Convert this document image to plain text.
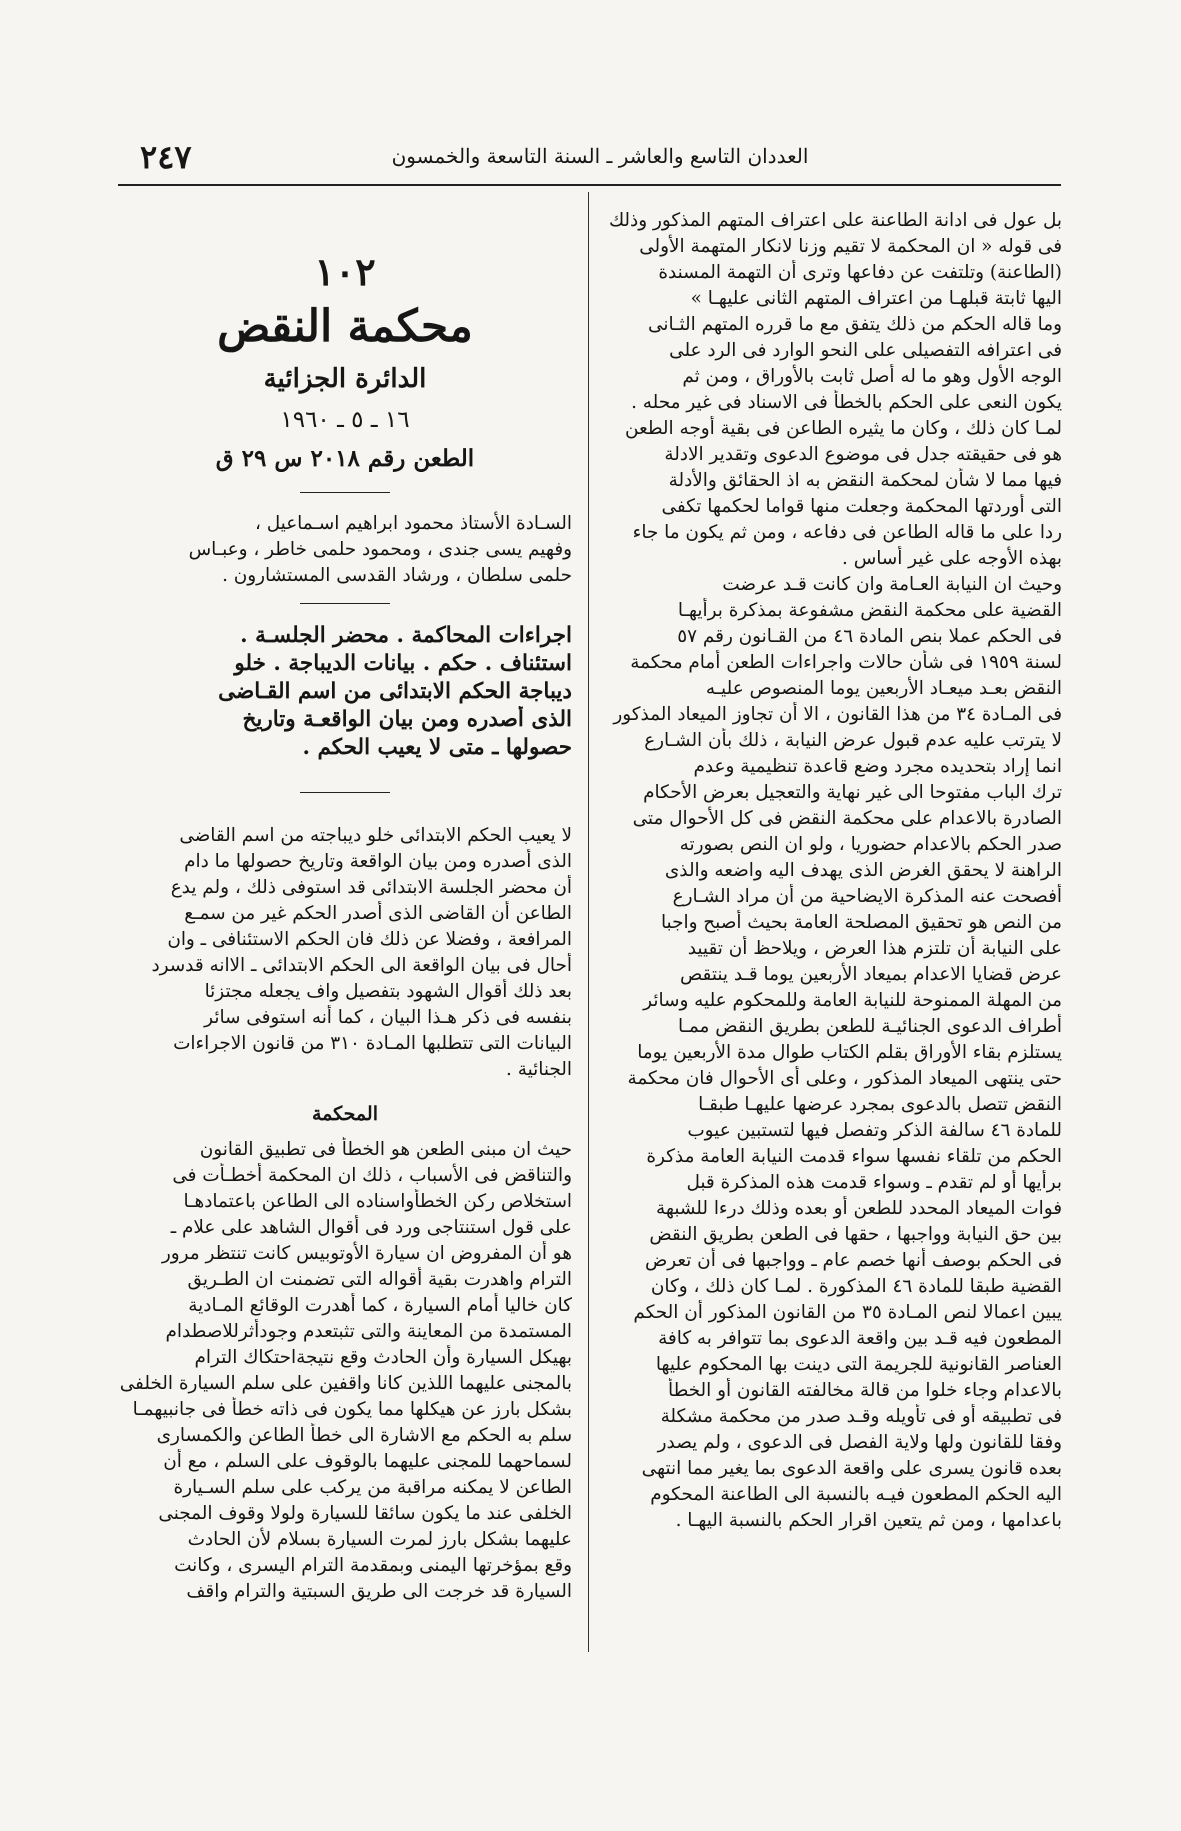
٢٤٧	العددان التاسع والعاشر ـ السنة التاسعة والخمسون
بل عول فى ادانة الطاعنة على اعتراف المتهم المذكور وذلك
فى قوله « ان المحكمة لا تقيم وزنا لانكار المتهمة الأولى
(الطاعنة) وتلتفت عن دفاعها وترى أن التهمة المسندة
اليها ثابتة قبلهـا من اعتراف المتهم الثانى عليهـا »
وما قاله الحكم من ذلك يتفق مع ما قرره المتهم الثـانى
فى اعترافه التفصيلى على النحو الوارد فى الرد على
الوجه الأول وهو ما له أصل ثابت بالأوراق ، ومن ثم
يكون النعى على الحكم بالخطأ فى الاسناد فى غير محله .
لمـا كان ذلك ، وكان ما يثيره الطاعن فى بقية أوجه الطعن
هو فى حقيقته جدل فى موضوع الدعوى وتقدير الادلة
فيها مما لا شأن لمحكمة النقض به اذ الحقائق والأدلة
التى أوردتها المحكمة وجعلت منها قواما لحكمها تكفى
ردا على ما قاله الطاعن فى دفاعه ، ومن ثم يكون ما جاء
بهذه الأوجه على غير أساس .
وحيث ان النيابة العـامة وان كانت قـد عرضت
القضية على محكمة النقض مشفوعة بمذكرة برأيهـا
فى الحكم عملا بنص المادة ٤٦ من القـانون رقم ٥٧
لسنة ١٩٥٩ فى شأن حالات واجراءات الطعن أمام محكمة
النقض بعـد ميعـاد الأربعين يوما المنصوص عليـه
فى المـادة ٣٤ من هذا القانون ، الا أن تجاوز الميعاد المذكور
لا يترتب عليه عدم قبول عرض النيابة ، ذلك بأن الشـارع
انما إراد بتحديده مجرد وضع قاعدة تنظيمية وعدم
ترك الباب مفتوحا الى غير نهاية والتعجيل بعرض الأحكام
الصادرة بالاعدام على محكمة النقض فى كل الأحوال متى
صدر الحكم بالاعدام حضوريا ، ولو ان النص بصورته
الراهنة لا يحقق الغرض الذى يهدف اليه واضعه والذى
أفصحت عنه المذكرة الايضاحية من أن مراد الشـارع
من النص هو تحقيق المصلحة العامة بحيث أصبح واجبا
على النيابة أن تلتزم هذا العرض ، ويلاحظ أن تقييد
عرض قضايا الاعدام بميعاد الأربعين يوما قـد ينتقص
من المهلة الممنوحة للنيابة العامة وللمحكوم عليه وسائر
أطراف الدعوى الجنائيـة للطعن بطريق النقض ممـا
يستلزم بقاء الأوراق بقلم الكتاب طوال مدة الأربعين يوما
حتى ينتهى الميعاد المذكور ، وعلى أى الأحوال فان محكمة
النقض تتصل بالدعوى بمجرد عرضها عليهـا طبقـا
للمادة ٤٦ سالفة الذكر وتفصل فيها لتستبين عيوب
الحكم من تلقاء نفسها سواء قدمت النيابة العامة مذكرة
برأيها أو لم تقدم ـ وسواء قدمت هذه المذكرة قبل
فوات الميعاد المحدد للطعن أو بعده وذلك درءا للشبهة
بين حق النيابة وواجبها ، حقها فى الطعن بطريق النقض
فى الحكم بوصف أنها خصم عام ـ وواجبها فى أن تعرض
القضية طبقا للمادة ٤٦ المذكورة . لمـا كان ذلك ، وكان
يبين اعمالا لنص المـادة ٣٥ من القانون المذكور أن الحكم
المطعون فيه قـد بين واقعة الدعوى بما تتوافر به كافة
العناصر القانونية للجريمة التى دينت بها المحكوم عليها
بالاعدام وجاء خلوا من قالة مخالفته القانون أو الخطأ
فى تطبيقه أو فى تأويله وقـد صدر من محكمة مشكلة
وفقا للقانون ولها ولاية الفصل فى الدعوى ، ولم يصدر
بعده قانون يسرى على واقعة الدعوى بما يغير مما انتهى
اليه الحكم المطعون فيـه بالنسبة الى الطاعنة المحكوم
باعدامها ، ومن ثم يتعين اقرار الحكم بالنسبة اليهـا .
١٠٢
محكمة النقض
الدائرة الجزائية
١٦ ـ ٥ ـ ١٩٦٠
الطعن رقم ٢٠١٨ س ٢٩ ق
السـادة الأستاذ محمود ابراهيم اسـماعيل ،
وفهيم يسى جندى ، ومحمود حلمى خاطر ، وعبـاس
حلمى سلطان ، ورشاد القدسى المستشارون .
اجراءات المحاكمة . محضر الجلسـة .
استئناف . حكم . بيانات الديباجة . خلو
ديباجة الحكم الابتدائى من اسم القـاضى
الذى أصدره ومن بيان الواقعـة وتاريخ
حصولها ـ متى لا يعيب الحكم .
لا يعيب الحكم الابتدائى خلو ديباجته من اسم القاضى
الذى أصدره ومن بيان الواقعة وتاريخ حصولها ما دام
أن محضر الجلسة الابتدائى قد استوفى ذلك ، ولم يدع
الطاعن أن القاضى الذى أصدر الحكم غير من سمـع
المرافعة ، وفضلا عن ذلك فان الحكم الاستئنافى ـ وان
أحال فى بيان الواقعة الى الحكم الابتدائى ـ الاانه قدسرد
بعد ذلك أقوال الشهود بتفصيل واف يجعله مجتزئا
بنفسه فى ذكر هـذا البيان ، كما أنه استوفى سائر
البيانات التى تتطلبها المـادة ٣١٠ من قانون الاجراءات
الجنائية .
المحكمة
حيث ان مبنى الطعن هو الخطأ فى تطبيق القانون
والتناقض فى الأسباب ، ذلك ان المحكمة أخطـأت فى
استخلاص ركن الخطأواسناده الى الطاعن باعتمادهـا
على قول استنتاجى ورد فى أقوال الشاهد على علام ـ
هو أن المفروض ان سيارة الأوتوبيس كانت تنتظر مرور
الترام واهدرت بقية أقواله التى تضمنت ان الطـريق
كان خاليا أمام السيارة ، كما أهدرت الوقائع المـادية
المستمدة من المعاينة والتى تثبتعدم وجودأثرللاصطدام
بهيكل السيارة وأن الحادث وقع نتيجةاحتكاك الترام
بالمجنى عليهما اللذين كانا واقفين على سلم السيارة الخلفى
بشكل بارز عن هيكلها مما يكون فى ذاته خطأ فى جانبيهمـا
سلم به الحكم مع الاشارة الى خطأ الطاعن والكمسارى
لسماحهما للمجنى عليهما بالوقوف على السلم ، مع أن
الطاعن لا يمكنه مراقبة من يركب على سلم السـيارة
الخلفى عند ما يكون سائقا للسيارة ولولا وقوف المجنى
عليهما بشكل بارز لمرت السيارة بسلام لأن الحادث
وقع بمؤخرتها اليمنى وبمقدمة الترام اليسرى ، وكانت
السيارة قد خرجت الى طريق السبتية والترام واقف
